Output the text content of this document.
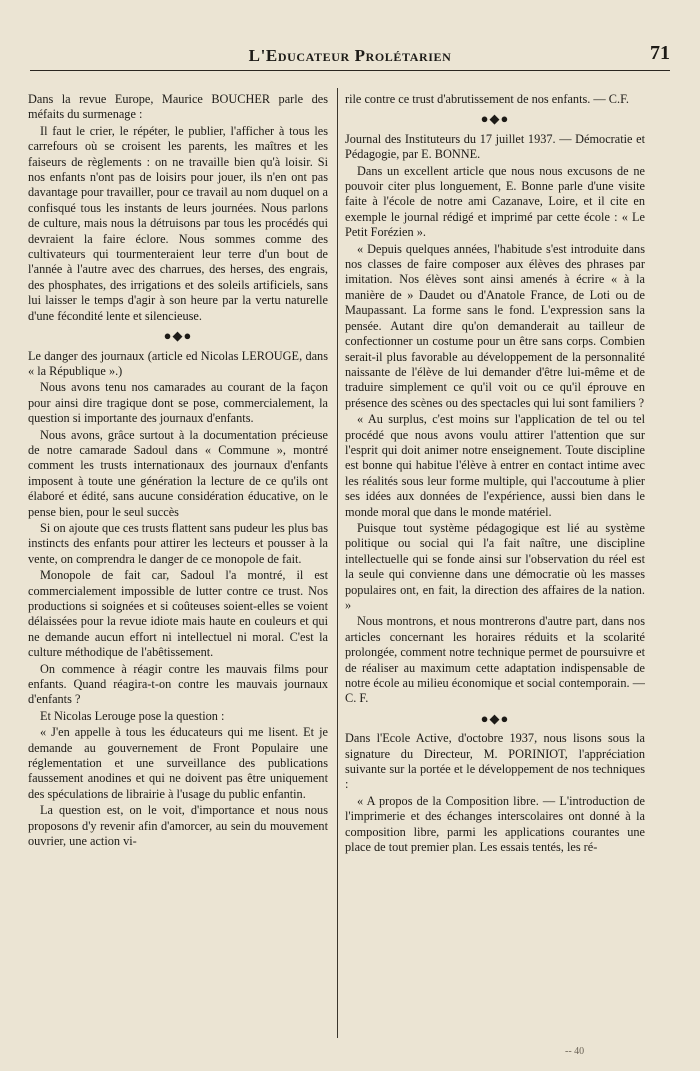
L'Educateur Prolétarien	71

Dans la revue Europe, Maurice BOUCHER parle des méfaits du surmenage :

Il faut le crier, le répéter, le publier, l'afficher à tous les carrefours où se croisent les parents, les maîtres et les faiseurs de règlements : on ne travaille bien qu'à loisir. Si nos enfants n'ont pas de loisirs pour jouer, ils n'en ont pas davantage pour travailler, pour ce travail au nom duquel on a confisqué tous les instants de leurs journées. Nous parlons de culture, mais nous la détruisons par tous les procédés qui devraient la faire éclore. Nous sommes comme des cultivateurs qui tourmenteraient leur terre d'un bout de l'année à l'autre avec des charrues, des herses, des engrais, des phosphates, des irrigations et des soleils artificiels, sans lui laisser le temps d'agir à son heure par la vertu naturelle d'une fécondité lente et silencieuse.

●◆●

Le danger des journaux (article ed Nicolas LEROUGE, dans « la République ».)

Nous avons tenu nos camarades au courant de la façon pour ainsi dire tragique dont se pose, commercialement, la question si importante des journaux d'enfants.

Nous avons, grâce surtout à la documentation précieuse de notre camarade Sadoul dans « Commune », montré comment les trusts internationaux des journaux d'enfants imposent à toute une génération la lecture de ce qu'ils ont élaboré et édité, sans aucune considération éducative, on le pense bien, pour le seul succès

Si on ajoute que ces trusts flattent sans pudeur les plus bas instincts des enfants pour attirer les lecteurs et pousser à la vente, on comprendra le danger de ce monopole de fait.

Monopole de fait car, Sadoul l'a montré, il est commercialement impossible de lutter contre ce trust. Nos productions si soignées et si coûteuses soient-elles se voient délaissées pour la revue idiote mais haute en couleurs et qui ne demande aucun effort ni intellectuel ni moral. C'est la culture méthodique de l'abêtissement.

On commence à réagir contre les mauvais films pour enfants. Quand réagira-t-on contre les mauvais journaux d'enfants ?

Et Nicolas Lerouge pose la question :

« J'en appelle à tous les éducateurs qui me lisent. Et je demande au gouvernement de Front Populaire une réglementation et une surveillance des publications faussement anodines et qui ne doivent pas être uniquement des spéculations de librairie à l'usage du public enfantin.

La question est, on le voit, d'importance et nous nous proposons d'y revenir afin d'amorcer, au sein du mouvement ouvrier, une action vi-

rile contre ce trust d'abrutissement de nos enfants. — C.F.

●◆●

Journal des Instituteurs du 17 juillet 1937. — Démocratie et Pédagogie, par E. BONNE.

Dans un excellent article que nous nous excusons de ne pouvoir citer plus longuement, E. Bonne parle d'une visite faite à l'école de notre ami Cazanave, Loire, et il cite en exemple le journal rédigé et imprimé par cette école : « Le Petit Forézien ».

« Depuis quelques années, l'habitude s'est introduite dans nos classes de faire composer aux élèves des phrases par imitation. Nos élèves sont ainsi amenés à écrire « à la manière de » Daudet ou d'Anatole France, de Loti ou de Maupassant. La forme sans le fond. L'expression sans la pensée. Autant dire qu'on demanderait au tailleur de confectionner un costume pour un être sans corps. Combien serait-il plus favorable au développement de la personnalité naissante de l'élève de lui demander d'être lui-même et de traduire simplement ce qu'il voit ou ce qu'il éprouve en présence des scènes ou des spectacles qui lui sont familiers ?

« Au surplus, c'est moins sur l'application de tel ou tel procédé que nous avons voulu attirer l'attention que sur l'esprit qui doit animer notre enseignement. Toute discipline est bonne qui habitue l'élève à entrer en contact intime avec les réalités sous leur forme multiple, qui l'accoutume à plier ses idées aux données de l'expérience, aussi bien dans le monde moral que dans le monde matériel.

Puisque tout système pédagogique est lié au système politique ou social qui l'a fait naître, une discipline intellectuelle qui se fonde ainsi sur l'observation du réel est la seule qui convienne dans une démocratie où les masses populaires ont, en fait, la direction des affaires de la nation. »

Nous montrons, et nous montrerons d'autre part, dans nos articles concernant les horaires réduits et la scolarité prolongée, comment notre technique permet de poursuivre et de réaliser au maximum cette adaptation indispensable de notre école au milieu économique et social contemporain. — C. F.

●◆●

Dans l'Ecole Active, d'octobre 1937, nous lisons sous la signature du Directeur, M. PORINIOT, l'appréciation suivante sur la portée et le développement de nos techniques :

« A propos de la Composition libre. — L'introduction de l'imprimerie et des échanges interscolaires ont donné à la composition libre, parmi les applications courantes une place de tout premier plan. Les essais tentés, les ré-

-- 40
